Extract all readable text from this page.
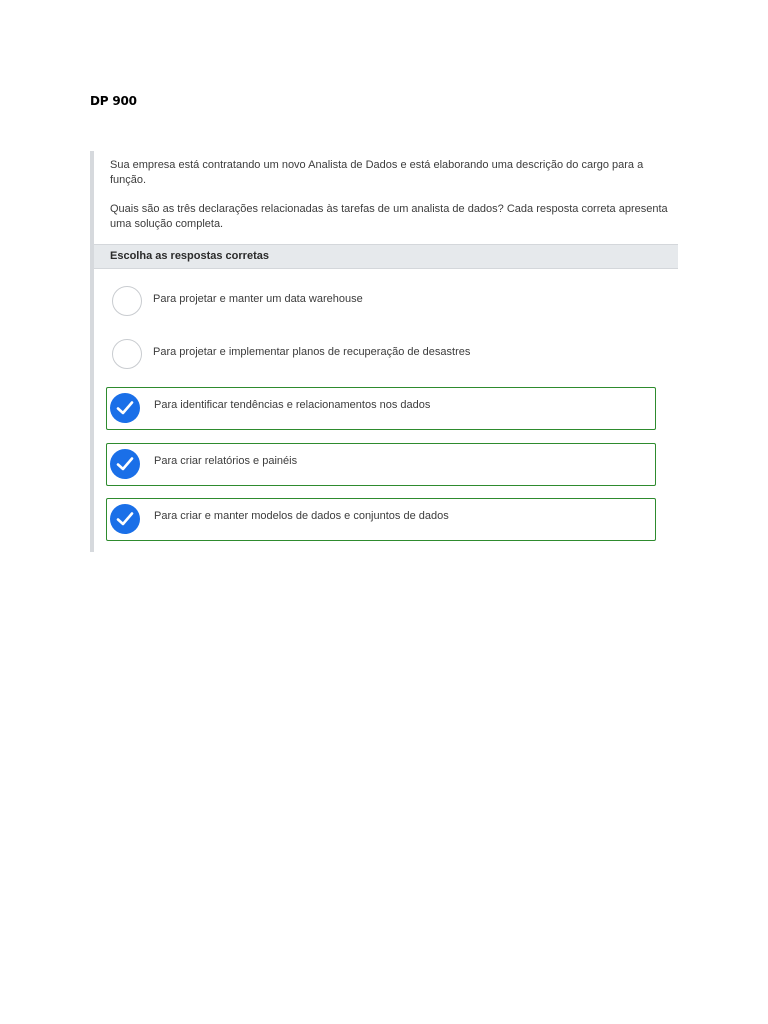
DP 900

Sua empresa está contratando um novo Analista de Dados e está elaborando uma descrição do cargo para a função.

Quais são as três declarações relacionadas às tarefas de um analista de dados? Cada resposta correta apresenta uma solução completa.

Escolha as respostas corretas
Para projetar e manter um data warehouse
Para projetar e implementar planos de recuperação de desastres
Para identificar tendências e relacionamentos nos dados
Para criar relatórios e painéis
Para criar e manter modelos de dados e conjuntos de dados
